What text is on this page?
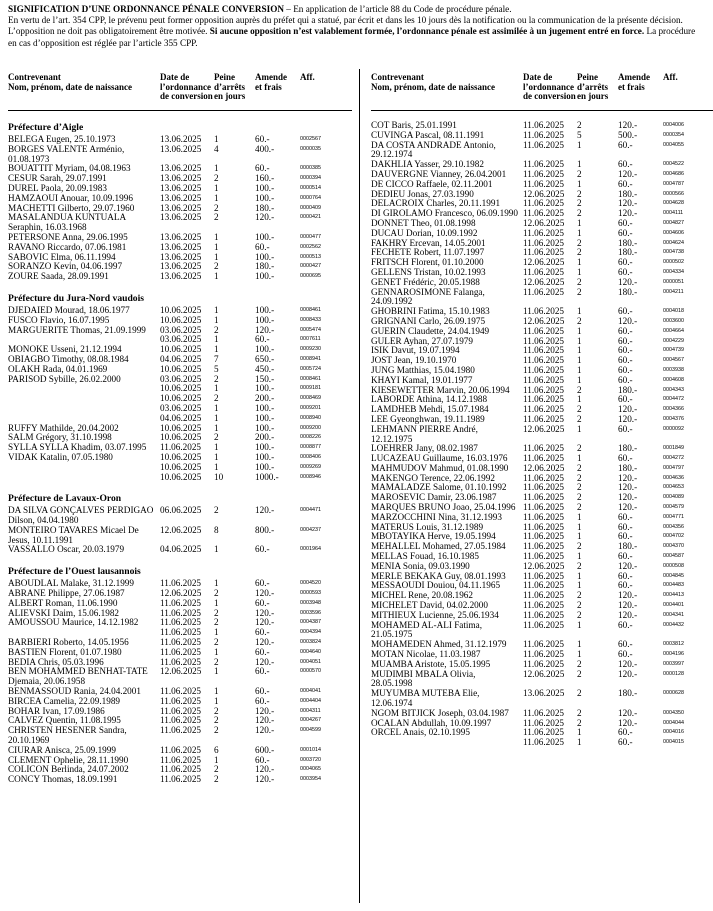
SIGNIFICATION D’UNE ORDONNANCE PÉNALE CONVERSION – En application de l’article 88 du Code de procédure pénale.
En vertu de l’art. 354 CPP, le prévenu peut former opposition auprès du préfet qui a statué, par écrit et dans les 10 jours dès la notification ou la communication de la présente décision. L’opposition ne doit pas obligatoirement être motivée. Si aucune opposition n’est valablement formée, l’ordonnance pénale est assimilée à un jugement entré en force. La procédure en cas d’opposition est réglée par l’article 355 CPP.
Contrevenant
Nom, prénom, date de naissance
Date de
l’ordonnance
de conversion
Peine
d’arrêts
en jours
Amende
et frais
Aff.
Préfecture d’Aigle
BELEGA Eugen, 25.10.1973	13.06.2025 1	60.-	0002567
BORGES VALENTE Arménio, 01.08.1973
13.06.2025 4	400.-	0000035
BOUATTIT Myriam, 04.08.1963	13.06.2025 1	60.-	0000385
CESUR Sarah, 29.07.1991	13.06.2025 2	160.-	0000394
DUREL Paola, 20.09.1983	13.06.2025 1	100.-	0000514
HAMZAOUI Anouar, 10.09.1996	13.06.2025 1	100.-	0000764
MACHETTI Gilberto, 29.07.1960	13.06.2025 2	180.-	0000409
MASALANDUA KUNTUALA Seraphin, 16.03.1968
13.06.2025 2	120.-	0000421
PETERSONE Anna, 29.06.1995	13.06.2025 1	100.-	0000477
RAVANO Riccardo, 07.06.1981	13.06.2025 1	60.-	0002562
SABOVIC Elma, 06.11.1994	13.06.2025 1	100.-	0000513
SORANZO Kevin, 04.06.1997	13.06.2025 2	180.-	0000427
ZOURE Saada, 28.09.1991	13.06.2025 1	100.-	0000695
Préfecture du Jura-Nord vaudois
DJEDAIED Mourad, 18.06.1977	10.06.2025 1	100.-	0008461
FUSCO Flavio, 16.07.1995	10.06.2025 1	100.-	0008433
MARGUERITE Thomas, 21.09.1999	03.06.2025 2	120.-	0005474
03.06.2025 1	60.-	0007611
MONOKE Usseni, 21.12.1994	10.06.2025 1	100.-	0009230
OBIAGBO Timothy, 08.08.1984	04.06.2025 7	650.-	0008941
OLAKH Rada, 04.01.1969	10.06.2025 5	450.-	0005724
PARISOD Sybille, 26.02.2000	03.06.2025 2	150.-	0008461
10.06.2025 1	100.-	0009181
10.06.2025 2	200.-	0008469
03.06.2025 1	100.-	0009201
04.06.2025 1	100.-	0008940
RUFFY Mathilde, 20.04.2002	10.06.2025 1	100.-	0009200
SALM Grégory, 31.10.1998	10.06.2025 2	200.-	0008226
SYLLA SYLLA Khadim, 03.07.1995	11.06.2025 1	100.-	0008877
VIDAK Katalin, 07.05.1980	10.06.2025 1	100.-	0008406
10.06.2025 1	100.-	0009269
10.06.2025 10	1000.-	0008946
Préfecture de Lavaux-Oron
DA SILVA GONÇALVES PERDIGAO Dilson, 04.04.1980
06.06.2025 2	120.-	0004471
MONTEIRO TAVARES Micael De Jesus, 10.11.1991
12.06.2025 8	800.-	0004237
VASSALLO Oscar, 20.03.1979	04.06.2025 1	60.-	0001964
Préfecture de l’Ouest lausannois
ABOUDLAL Malake, 31.12.1999	11.06.2025 1	60.-	0004520
ABRANE Philippe, 27.06.1987	12.06.2025 2	120.-	0000593
ALBERT Roman, 11.06.1990	11.06.2025 1	60.-	0003948
ALIEVSKI Daim, 15.06.1982	11.06.2025 2	120.-	0003596
AMOUSSOU Maurice, 14.12.1982	11.06.2025 2	120.-	0004387
11.06.2025 1	60.-	0004394
BARBIERI Roberto, 14.05.1956	11.06.2025 2	120.-	0003824
BASTIEN Florent, 01.07.1980	11.06.2025 1	60.-	0004640
BEDIA Chris, 05.03.1996	11.06.2025 2	120.-	0004051
BEN MOHAMMED BENHAT-TATE Djemaia, 20.06.1958
12.06.2025 1	60.-	0000570
BENMASSOUD Rania, 24.04.2001	11.06.2025 1	60.-	0004041
BIRCEA Camelia, 22.09.1989	11.06.2025 1	60.-	0004404
BOHAR Ivan, 17.09.1986	11.06.2025 2	120.-	0004311
CALVEZ Quentin, 11.08.1995	11.06.2025 2	120.-	0004267
CHRISTEN HESENER Sandra, 20.10.1969
11.06.2025 2	120.-	0004599
CIURAR Anisca, 25.09.1999	11.06.2025 6	600.-	0001014
CLEMENT Ophelie, 28.11.1990	11.06.2025 1	60.-	0003720
COLICON Berlinda, 24.07.2002	11.06.2025 2	120.-	0004065
CONCY Thomas, 18.09.1991	11.06.2025 2	120.-	0003954
Contrevenant
Nom, prénom, date de naissance
Date de
l’ordonnance
de conversion
Peine
d’arrêts
en jours
Amende
et frais
Aff.
COT Baris, 25.01.1991	11.06.2025 2	120.-	0004006
CUVINGA Pascal, 08.11.1991	11.06.2025 5	500.-	0000354
DA COSTA ANDRADE Antonio, 29.12.1974
11.06.2025 1	60.-	0004055
DAKHLIA Yasser, 29.10.1982	11.06.2025 1	60.-	0004522
DAUVERGNE Vianney, 26.04.2001	11.06.2025 2	120.-	0004686
DE CICCO Raffaele, 02.11.2001	11.06.2025 1	60.-	0004787
DEDIEU Jonas, 27.03.1990	12.06.2025 2	180.-	0000566
DELACROIX Charles, 20.11.1991	11.06.2025 2	120.-	0004628
DI GIROLAMO Francesco, 06.09.1990 11.06.2025 2	120.-	0004111
DONNET Theo, 01.08.1998	12.06.2025 1	60.-	0004827
DUCAU Dorian, 10.09.1992	11.06.2025 1	60.-	0004606
FAKHRY Ercevan, 14.05.2001	11.06.2025 2	180.-	0004624
FECHETE Robert, 11.07.1997	11.06.2025 2	180.-	0004738
FRITSCH Florent, 01.10.2000	12.06.2025 1	60.-	0000502
GELLENS Tristan, 10.02.1993	11.06.2025 1	60.-	0004334
GENET Frédéric, 20.05.1988	12.06.2025 2	120.-	0000051
GENNAROSIMONE Falanga, 24.09.1992
11.06.2025 2	180.-	0004211
GHOBRINI Fatima, 15.10.1983	11.06.2025 1	60.-	0004018
GRIGNANI Carlo, 26.09.1975	12.06.2025 2	120.-	0003600
GUERIN Claudette, 24.04.1949	11.06.2025 1	60.-	0004664
GULER Ayhan, 27.07.1979	11.06.2025 1	60.-	0004229
ISIK Davut, 19.07.1994	11.06.2025 1	60.-	0004739
JOST Jean, 19.10.1970	11.06.2025 1	60.-	0004567
JUNG Matthias, 15.04.1980	11.06.2025 1	60.-	0003938
KHAYI Kamal, 19.01.1977	11.06.2025 1	60.-	0004608
KIESEWETTER Marvin, 20.06.1994	11.06.2025 2	180.-	0004343
LABORDE Athina, 14.12.1988	11.06.2025 1	60.-	0004472
LAMDHEB Mehdi, 15.07.1984	11.06.2025 2	120.-	0004366
LEE Gyeonghwan, 19.11.1989	11.06.2025 2	120.-	0004376
LEHMANN PIERRE André, 12.12.1975
12.06.2025 1	60.-	0000092
LOEHRER Jany, 08.02.1987	11.06.2025 2	180.-	0001849
LUCAZEAU Guillaume, 16.03.1976	11.06.2025 1	60.-	0004272
MAHMUDOV Mahmud, 01.08.1990	12.06.2025 2	180.-	0004797
MAKENGO Terence, 22.06.1992	11.06.2025 2	120.-	0004636
MAMALADZE Salome, 01.10.1992	11.06.2025 2	120.-	0004653
MAROSEVIC Damir, 23.06.1987	11.06.2025 2	120.-	0004089
MARQUES BRUNO Joao, 25.04.1996 11.06.2025 2	120.-	0004579
MARZOCCHINI Nina, 31.12.1993	11.06.2025 1	60.-	0004771
MATERUS Louis, 31.12.1989	11.06.2025 1	60.-	0004356
MBOTAYIKA Herve, 19.05.1994	11.06.2025 1	60.-	0004702
MEHALLEL Mohamed, 27.05.1984	11.06.2025 2	180.-	0004370
MELLAS Fouad, 16.10.1985	11.06.2025 1	60.-	0004587
MENIA Sonia, 09.03.1990	12.06.2025 2	120.-	0000508
MERLE BEKAKA Guy, 08.01.1993	11.06.2025 1	60.-	0004845
MESSAOUDI Douiou, 04.11.1965	11.06.2025 1	60.-	0004483
MICHEL Rene, 20.08.1962	11.06.2025 2	120.-	0004413
MICHELET David, 04.02.2000	11.06.2025 2	120.-	0004401
MITHIEUX Lucienne, 25.06.1934	11.06.2025 2	120.-	0004341
MOHAMED AL-ALI Fatima, 21.05.1975
11.06.2025 1	60.-	0004432
MOHAMEDEN Ahmed, 31.12.1979	11.06.2025 1	60.-	0003812
MOTAN Nicolae, 11.03.1987	11.06.2025 1	60.-	0004196
MUAMBA Aristote, 15.05.1995	11.06.2025 2	120.-	0003997
MUDIMBI MBALA Olivia, 28.05.1998
12.06.2025 2	120.-	0000128
MUYUMBA MUTEBA Elie, 12.06.1974
13.06.2025 2	180.-	0000628
NGOM BITJICK Joseph, 03.04.1987	11.06.2025 2	120.-	0004350
OCALAN Abdullah, 10.09.1997	11.06.2025 2	120.-	0004044
ORCEL Anais, 02.10.1995	11.06.2025 1	60.-	0004016
11.06.2025 1	60.-	0004015
